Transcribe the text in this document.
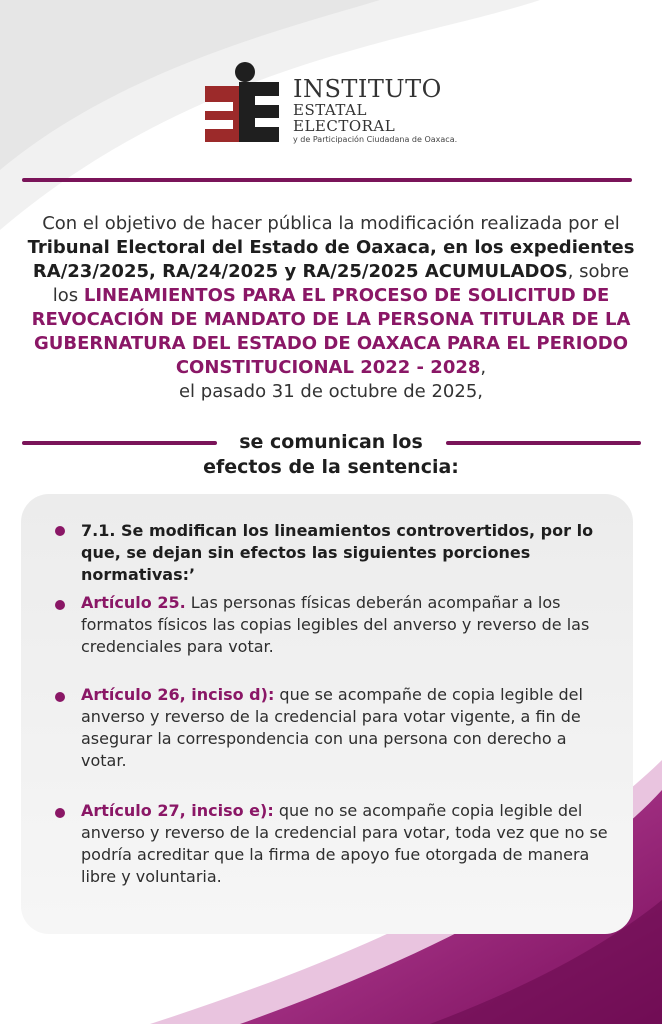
INSTITUTO
ESTATAL ELECTORAL
y de Participación Ciudadana de Oaxaca.
Con el objetivo de hacer pública la modificación realizada por el Tribunal Electoral del Estado de Oaxaca, en los expedientes RA/23/2025, RA/24/2025 y RA/25/2025 ACUMULADOS, sobre los LINEAMIENTOS PARA EL PROCESO DE SOLICITUD DE REVOCACIÓN DE MANDATO DE LA PERSONA TITULAR DE LA GUBERNATURA DEL ESTADO DE OAXACA PARA EL PERIODO CONSTITUCIONAL 2022 - 2028,
el pasado 31 de octubre de 2025,
se comunican los
efectos de la sentencia:
7.1. Se modifican los lineamientos controvertidos, por lo que, se dejan sin efectos las siguientes porciones normativas:’
Artículo 25. Las personas físicas deberán acompañar a los formatos físicos las copias legibles del anverso y reverso de las credenciales para votar.
Artículo 26, inciso d): que se acompañe de copia legible del anverso y reverso de la credencial para votar vigente, a fin de asegurar la correspondencia con una persona con derecho a votar.
Artículo 27, inciso e): que no se acompañe copia legible del anverso y reverso de la credencial para votar, toda vez que no se podría acreditar que la firma de apoyo fue otorgada de manera libre y voluntaria.
